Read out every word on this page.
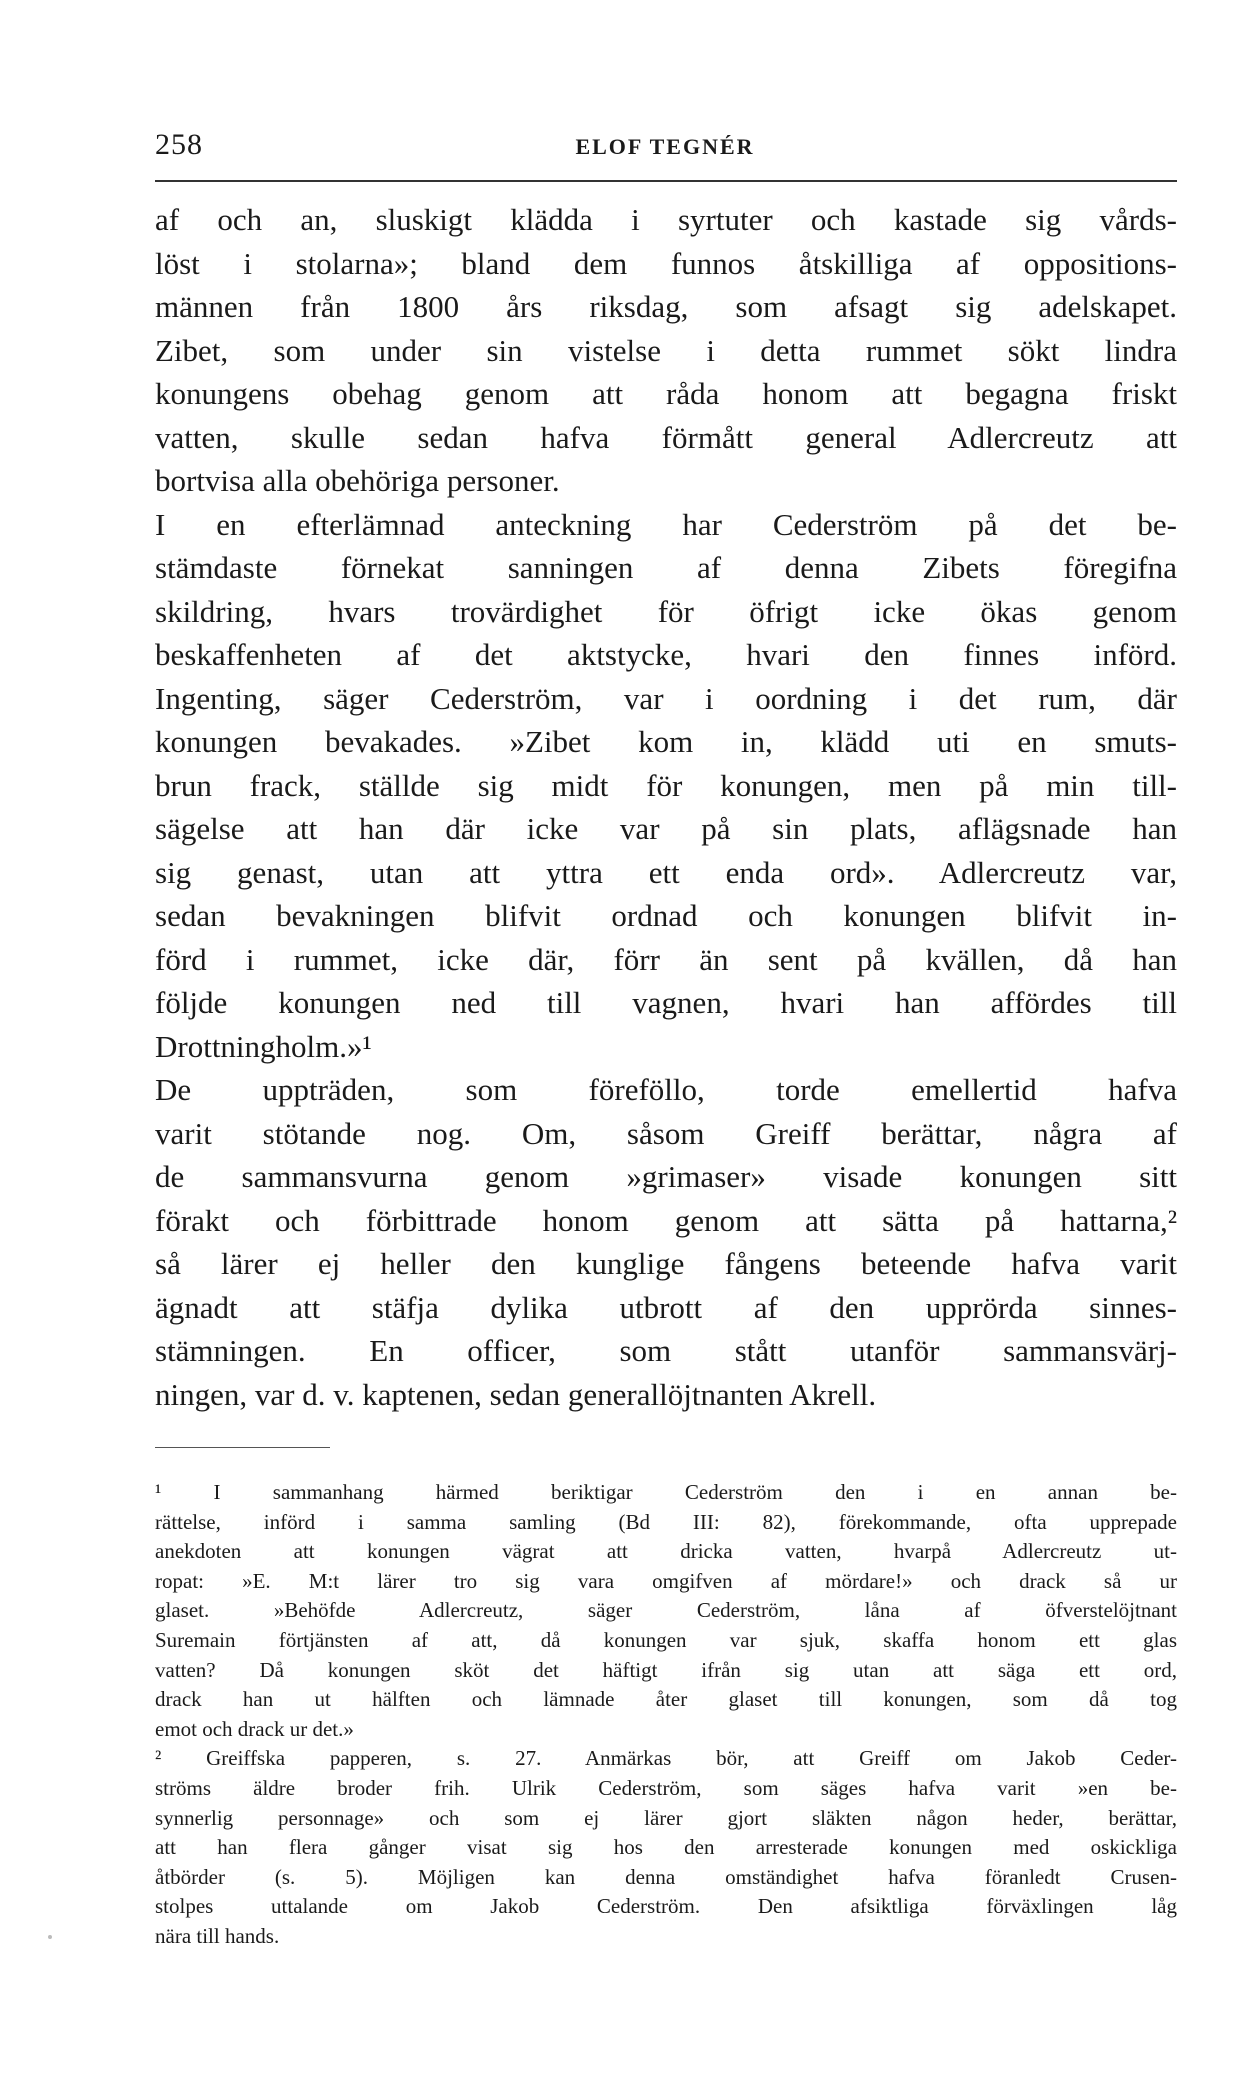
258	ELOF TEGNÉR
af och an, sluskigt klädda i syrtuter och kastade sig vårds-
löst i stolarna»; bland dem funnos åtskilliga af oppositions-
männen från 1800 års riksdag, som afsagt sig adelskapet.
Zibet, som under sin vistelse i detta rummet sökt lindra
konungens obehag genom att råda honom att begagna friskt
vatten, skulle sedan hafva förmått general Adlercreutz att
bortvisa alla obehöriga personer.
I en efterlämnad anteckning har Cederström på det be-
stämdaste förnekat sanningen af denna Zibets föregifna
skildring, hvars trovärdighet för öfrigt icke ökas genom
beskaffenheten af det aktstycke, hvari den finnes införd.
Ingenting, säger Cederström, var i oordning i det rum, där
konungen bevakades. »Zibet kom in, klädd uti en smuts-
brun frack, ställde sig midt för konungen, men på min till-
sägelse att han där icke var på sin plats, aflägsnade han
sig genast, utan att yttra ett enda ord». Adlercreutz var,
sedan bevakningen blifvit ordnad och konungen blifvit in-
förd i rummet, icke där, förr än sent på kvällen, då han
följde konungen ned till vagnen, hvari han affördes till
Drottningholm.»¹
De uppträden, som föreföllo, torde emellertid hafva
varit stötande nog. Om, såsom Greiff berättar, några af
de sammansvurna genom »grimaser» visade konungen sitt
förakt och förbittrade honom genom att sätta på hattarna,²
så lärer ej heller den kunglige fångens beteende hafva varit
ägnadt att stäfja dylika utbrott af den upprörda sinnes-
stämningen. En officer, som stått utanför sammansvärj-
ningen, var d. v. kaptenen, sedan generallöjtnanten Akrell.
¹ I sammanhang härmed beriktigar Cederström den i en annan be-
rättelse, införd i samma samling (Bd III: 82), förekommande, ofta upprepade
anekdoten att konungen vägrat att dricka vatten, hvarpå Adlercreutz ut-
ropat: »E. M:t lärer tro sig vara omgifven af mördare!» och drack så ur
glaset. »Behöfde Adlercreutz, säger Cederström, låna af öfverstelöjtnant
Suremain förtjänsten af att, då konungen var sjuk, skaffa honom ett glas
vatten? Då konungen sköt det häftigt ifrån sig utan att säga ett ord,
drack han ut hälften och lämnade åter glaset till konungen, som då tog
emot och drack ur det.»
² Greiffska papperen, s. 27. Anmärkas bör, att Greiff om Jakob Ceder-
ströms äldre broder frih. Ulrik Cederström, som säges hafva varit »en be-
synnerlig personnage» och som ej lärer gjort släkten någon heder, berättar,
att han flera gånger visat sig hos den arresterade konungen med oskickliga
åtbörder (s. 5). Möjligen kan denna omständighet hafva föranledt Crusen-
stolpes uttalande om Jakob Cederström. Den afsiktliga förväxlingen låg
nära till hands.
